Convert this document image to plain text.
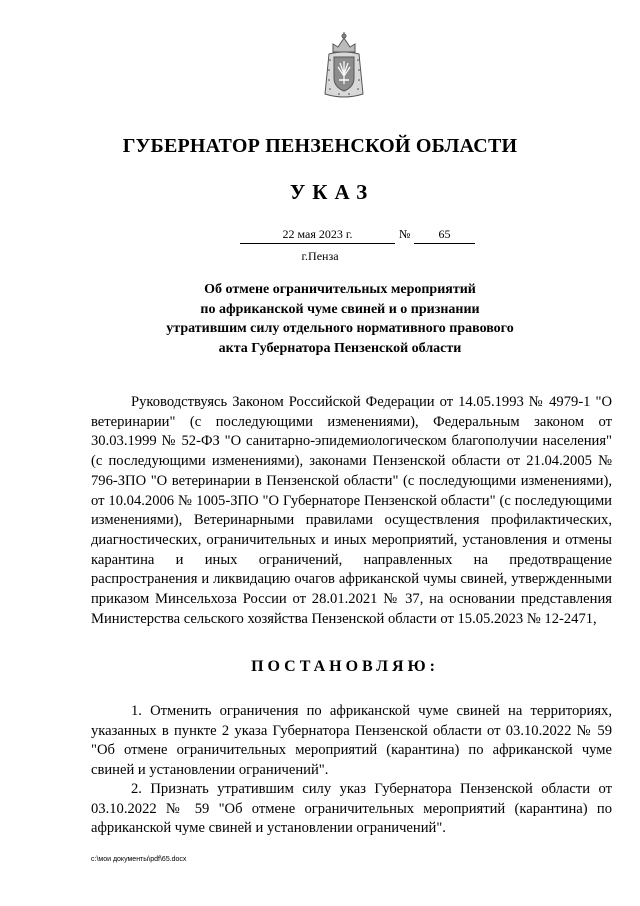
ГУБЕРНАТОР ПЕНЗЕНСКОЙ ОБЛАСТИ
УКАЗ
22 мая 2023 г.	№	65
г.Пенза
Об отмене ограничительных мероприятий
по африканской чуме свиней и о признании
утратившим силу отдельного нормативного правового
акта Губернатора Пензенской области

Руководствуясь Законом Российской Федерации от 14.05.1993 № 4979-1 "О ветеринарии" (с последующими изменениями), Федеральным законом от 30.03.1999 № 52-ФЗ "О санитарно-эпидемиологическом благополучии населения" (с последующими изменениями), законами Пензенской области от 21.04.2005 № 796-ЗПО "О ветеринарии в Пензенской области" (с последующими изменениями), от 10.04.2006 № 1005-ЗПО "О Губернаторе Пензенской области" (с последующими изменениями), Ветеринарными правилами осуществления профилактических, диагностических, ограничительных и иных мероприятий, установления и отмены карантина и иных ограничений, направленных на предотвращение распространения и ликвидацию очагов африканской чумы свиней, утвержденными приказом Минсельхоза России от 28.01.2021 № 37, на основании представления Министерства сельского хозяйства Пензенской области от 15.05.2023 № 12-2471,

ПОСТАНОВЛЯЮ:

1. Отменить ограничения по африканской чуме свиней на территориях, указанных в пункте 2 указа Губернатора Пензенской области от 03.10.2022 № 59 "Об отмене ограничительных мероприятий (карантина) по африканской чуме свиней и установлении ограничений".

2. Признать утратившим силу указ Губернатора Пензенской области от 03.10.2022 № 59 "Об отмене ограничительных мероприятий (карантина) по африканской чуме свиней и установлении ограничений".

c:\мои документы\pdf\65.docx
